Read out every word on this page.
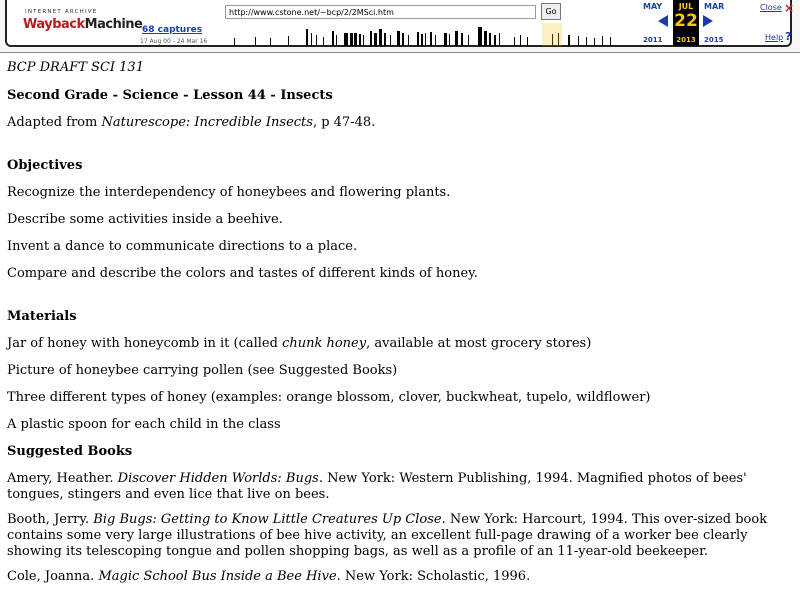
INTERNET ARCHIVE
WaybackMachine 68 captures
17 Aug 00 - 24 Mar 16
http://www.cstone.net/~bcp/2/2MSci.htm
Go
MAY
2011
JUL
22
2013
MAR
2015
Close ×
Help ?

BCP DRAFT SCI 131

Second Grade - Science - Lesson 44 - Insects

Adapted from Naturescope: Incredible Insects, p 47-48.

Objectives

Recognize the interdependency of honeybees and flowering plants.

Describe some activities inside a beehive.

Invent a dance to communicate directions to a place.

Compare and describe the colors and tastes of different kinds of honey.

Materials

Jar of honey with honeycomb in it (called chunk honey, available at most grocery stores)

Picture of honeybee carrying pollen (see Suggested Books)

Three different types of honey (examples: orange blossom, clover, buckwheat, tupelo, wildflower)

A plastic spoon for each child in the class

Suggested Books

Amery, Heather. Discover Hidden Worlds: Bugs. New York: Western Publishing, 1994. Magnified photos of bees' tongues, stingers and even lice that live on bees.

Booth, Jerry. Big Bugs: Getting to Know Little Creatures Up Close. New York: Harcourt, 1994. This over-sized book contains some very large illustrations of bee hive activity, an excellent full-page drawing of a worker bee clearly showing its telescoping tongue and pollen shopping bags, as well as a profile of an 11-year-old beekeeper.

Cole, Joanna. Magic School Bus Inside a Bee Hive. New York: Scholastic, 1996.
